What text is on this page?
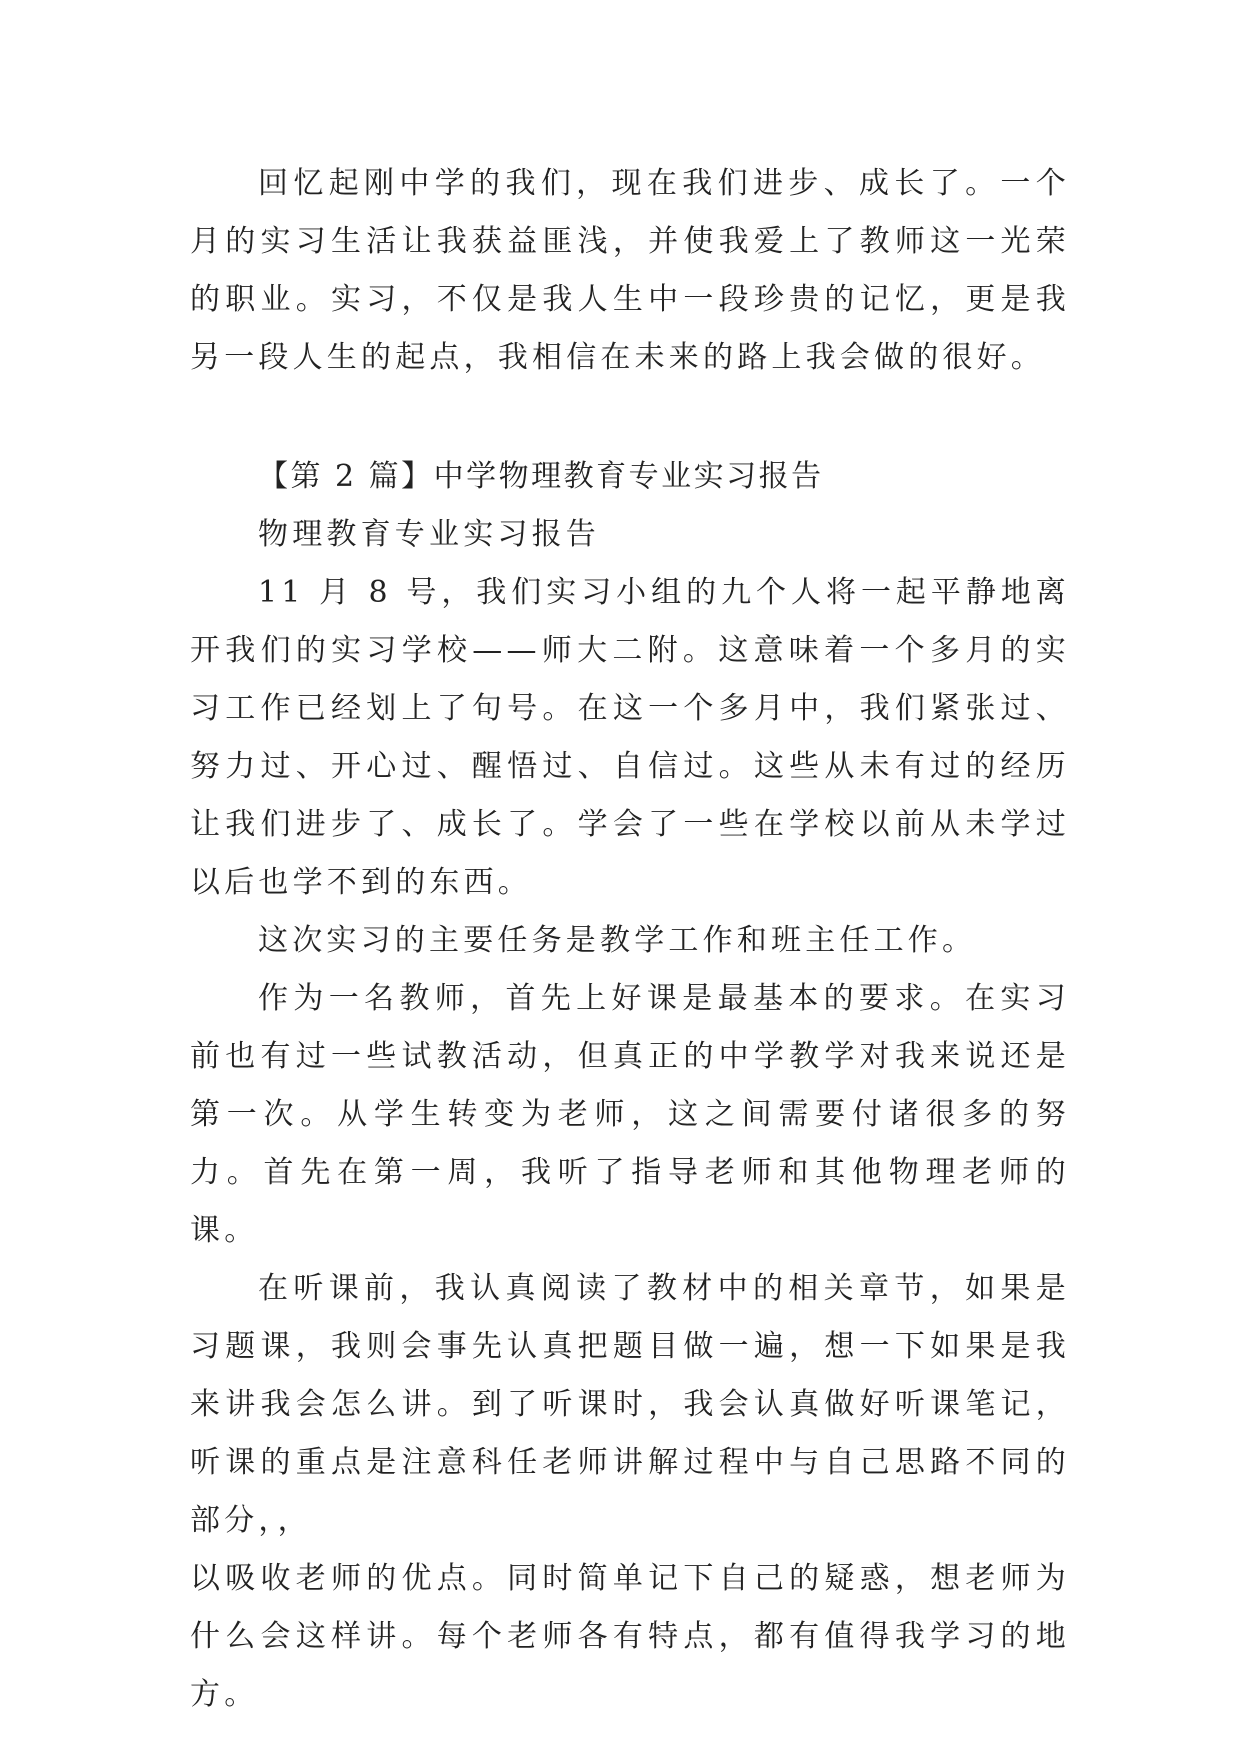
回忆起刚中学的我们，现在我们进步、成长了。一个月的实习生活让我获益匪浅，并使我爱上了教师这一光荣的职业。实习，不仅是我人生中一段珍贵的记忆，更是我另一段人生的起点，我相信在未来的路上我会做的很好。

【第 2 篇】中学物理教育专业实习报告

物理教育专业实习报告

11 月 8 号，我们实习小组的九个人将一起平静地离开我们的实习学校——师大二附。这意味着一个多月的实习工作已经划上了句号。在这一个多月中，我们紧张过、努力过、开心过、醒悟过、自信过。这些从未有过的经历让我们进步了、成长了。学会了一些在学校以前从未学过以后也学不到的东西。

这次实习的主要任务是教学工作和班主任工作。

作为一名教师，首先上好课是最基本的要求。在实习前也有过一些试教活动，但真正的中学教学对我来说还是第一次。从学生转变为老师，这之间需要付诸很多的努力。首先在第一周，我听了指导老师和其他物理老师的课。

在听课前，我认真阅读了教材中的相关章节，如果是习题课，我则会事先认真把题目做一遍，想一下如果是我来讲我会怎么讲。到了听课时，我会认真做好听课笔记，听课的重点是注意科任老师讲解过程中与自己思路不同的部分，，

以吸收老师的优点。同时简单记下自己的疑惑，想老师为什么会这样讲。每个老师各有特点，都有值得我学习的地方。
